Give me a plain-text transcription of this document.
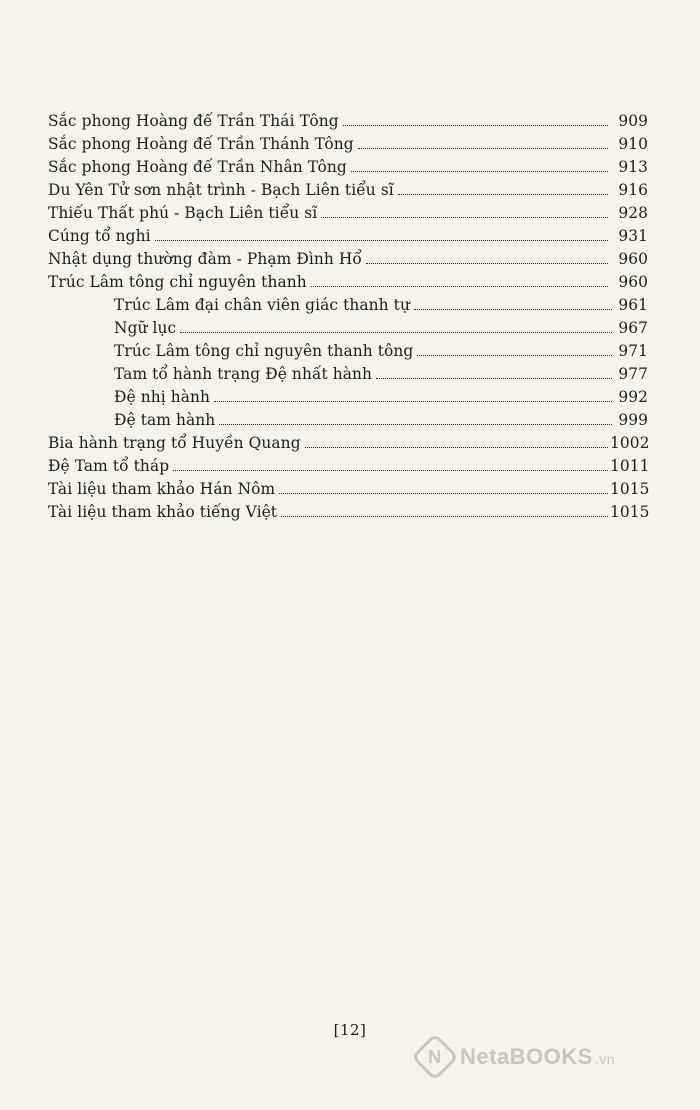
Sắc phong Hoàng đế Trần Thái Tông	909
Sắc phong Hoàng đế Trần Thánh Tông	910
Sắc phong Hoàng đế Trần Nhân Tông	913
Du Yên Tử sơn nhật trình - Bạch Liên tiểu sĩ	916
Thiếu Thất phú - Bạch Liên tiểu sĩ	928
Cúng tổ nghi	931
Nhật dụng thường đàm - Phạm Đình Hổ	960
Trúc Lâm tông chỉ nguyên thanh	960
Trúc Lâm đại chân viên giác thanh tự	961
Ngữ lục	967
Trúc Lâm tông chỉ nguyên thanh tông	971
Tam tổ hành trạng Đệ nhất hành	977
Đệ nhị hành	992
Đệ tam hành	999
Bia hành trạng tổ Huyền Quang	1002
Đệ Tam tổ tháp	1011
Tài liệu tham khảo Hán Nôm	1015
Tài liệu tham khảo tiếng Việt	1015
[12]
N NetaBOOKS .vn
